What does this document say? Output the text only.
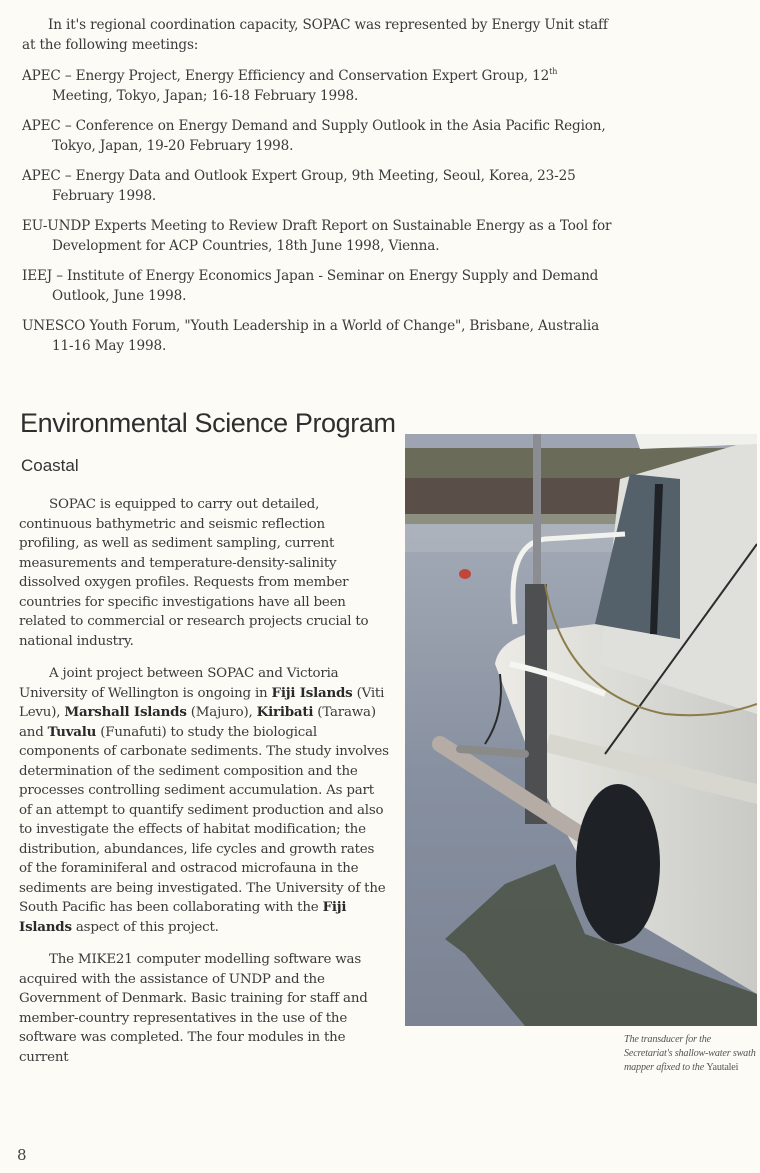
In it's regional coordination capacity, SOPAC was represented by Energy Unit staff at the following meetings:

APEC – Energy Project, Energy Efficiency and Conservation Expert Group, 12th Meeting, Tokyo, Japan; 16-18 February 1998.
APEC – Conference on Energy Demand and Supply Outlook in the Asia Pacific Region, Tokyo, Japan, 19-20 February 1998.
APEC – Energy Data and Outlook Expert Group, 9th Meeting, Seoul, Korea, 23-25 February 1998.
EU-UNDP Experts Meeting to Review Draft Report on Sustainable Energy as a Tool for Development for ACP Countries, 18th June 1998, Vienna.
IEEJ – Institute of Energy Economics Japan - Seminar on Energy Supply and Demand Outlook, June 1998.
UNESCO Youth Forum, "Youth Leadership in a World of Change", Brisbane, Australia 11-16 May 1998.
Environmental Science Program
Coastal

SOPAC is equipped to carry out detailed, continuous bathymetric and seismic reflection profiling, as well as sediment sampling, current measurements and temperature-density-salinity dissolved oxygen profiles. Requests from member countries for specific investigations have all been related to commercial or research projects crucial to national industry.

A joint project between SOPAC and Victoria University of Wellington is ongoing in Fiji Islands (Viti Levu), Marshall Islands (Majuro), Kiribati (Tarawa) and Tuvalu (Funafuti) to study the biological components of carbonate sediments. The study involves determination of the sediment composition and the processes controlling sediment accumulation. As part of an attempt to quantify sediment production and also to investigate the effects of habitat modification; the distribution, abundances, life cycles and growth rates of the foraminiferal and ostracod microfauna in the sediments are being investigated. The University of the South Pacific has been collaborating with the Fiji Islands aspect of this project.

The MIKE21 computer modelling software was acquired with the assistance of UNDP and the Government of Denmark. Basic training for staff and member-country representatives in the use of the software was completed. The four modules in the current

The transducer for the Secretariat's shallow-water swath mapper afixed to the Yautalei

8
